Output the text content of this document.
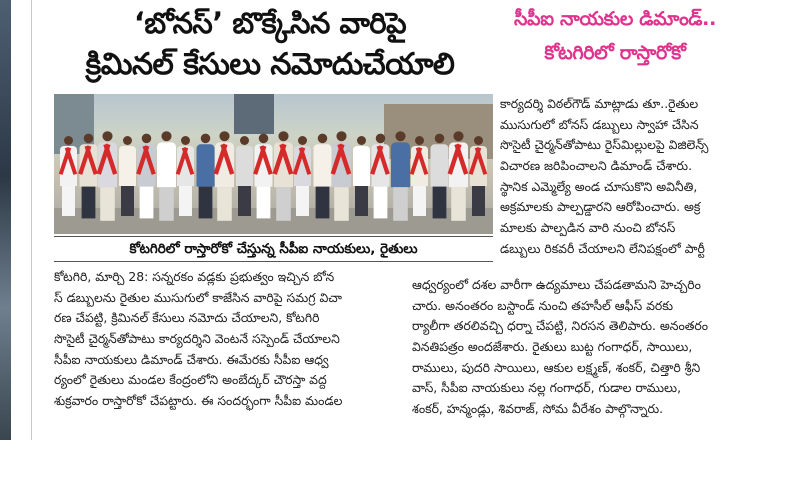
‘బోనస్’ బొక్కేసిన వారిపై
క్రిమినల్ కేసులు నమోదుచేయాలి
సీపీఐ నాయకుల డిమాండ్..
కోటగిరిలో రాస్తారోకో
కోటగిరిలో రాస్తారోకో చేస్తున్న సీపీఐ నాయకులు, రైతులు
కోటగిరి, మార్చి 28: సన్నరకం వడ్లకు ప్రభుత్వం ఇచ్చిన బోన
స్ డబ్బులను రైతుల ముసుగులో కాజేసిన వారిపై సమగ్ర విచా
రణ చేపట్టి, క్రిమినల్ కేసులు నమోదు చేయాలని, కోటగిరి
సొసైటీ చైర్మన్‌తోపాటు కార్యదర్శిని వెంటనే సస్పెండ్ చేయాలని
సీపీఐ నాయకులు డిమాండ్ చేశారు. ఈమేరకు సీపీఐ ఆధ్వ
ర్యంలో రైతులు మండల కేంద్రంలోని అంబేద్కర్ చౌరస్తా వద్ద
శుక్రవారం రాస్తారోకో చేపట్టారు. ఈ సందర్భంగా సీపీఐ మండల
కార్యదర్శి విఠల్‌గౌడ్ మాట్లాడు తూ..రైతుల
ముసుగులో బోనస్ డబ్బులు స్వాహా చేసిన
సొసైటీ చైర్మన్‌తోపాటు రైస్‌మిల్లులపై విజిలెన్స్
విచారణ జరిపించాలని డిమాండ్ చేశారు.
స్థానిక ఎమ్మెల్యే అండ చూసుకొని అవినీతి,
అక్రమాలకు పాల్పడ్డారని ఆరోపించారు. అక్ర
మాలకు పాల్పడిన వారి నుంచి బోనస్
డబ్బులు రికవరీ చేయాలని లేనిపక్షంలో పార్టీ
ఆధ్వర్యంలో దశల వారీగా ఉద్యమాలు చేపడతామని హెచ్చరిం
చారు. అనంతరం బస్టాండ్ నుంచి తహసీల్ ఆఫీస్ వరకు
ర్యాలీగా తరలివచ్చి ధర్నా చేపట్టి, నిరసన తెలిపారు. అనంతరం
వినతిపత్రం అందజేశారు. రైతులు బుట్ట గంగాధర్, సాయిలు,
రాములు, పుదరి సాయిలు, ఆకుల లక్ష్మణ్, శంకర్, చిత్తారి శ్రీని
వాస్, సీపీఐ నాయకులు నల్ల గంగాధర్, గుడాల రాములు,
శంకర్, హన్మండ్లు, శివరాజ్, సోమ వీరేశం పాల్గొన్నారు.
